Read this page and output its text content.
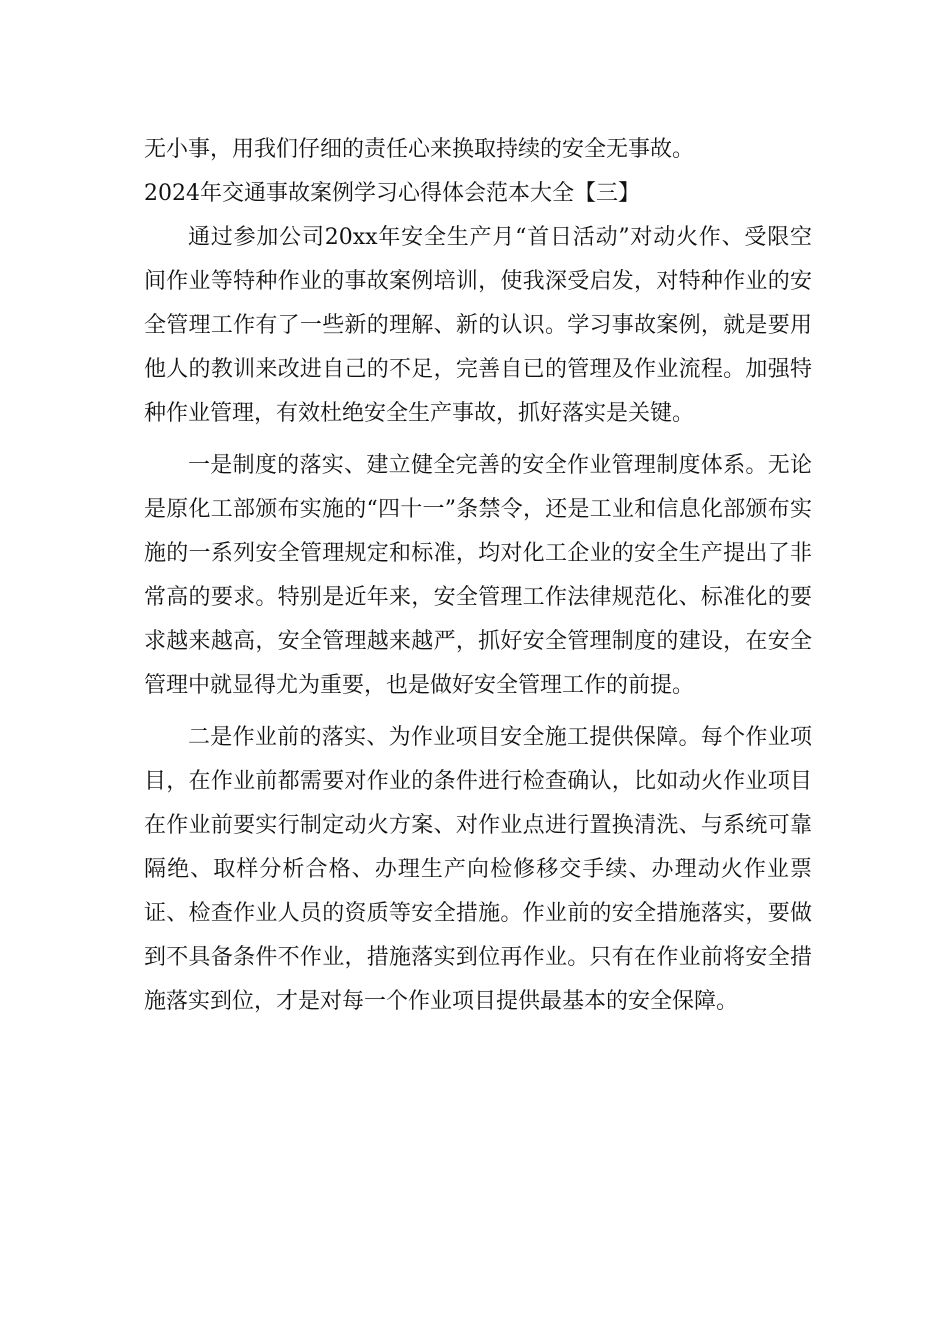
无小事，用我们仔细的责任心来换取持续的安全无事故。

2024年交通事故案例学习心得体会范本大全【三】

通过参加公司20xx年安全生产月“首日活动”对动火作、受限空间作业等特种作业的事故案例培训，使我深受启发，对特种作业的安全管理工作有了一些新的理解、新的认识。学习事故案例，就是要用他人的教训来改进自己的不足，完善自已的管理及作业流程。加强特种作业管理，有效杜绝安全生产事故，抓好落实是关键。

一是制度的落实、建立健全完善的安全作业管理制度体系。无论是原化工部颁布实施的“四十一”条禁令，还是工业和信息化部颁布实施的一系列安全管理规定和标准，均对化工企业的安全生产提出了非常高的要求。特别是近年来，安全管理工作法律规范化、标准化的要求越来越高，安全管理越来越严，抓好安全管理制度的建设，在安全管理中就显得尤为重要，也是做好安全管理工作的前提。

二是作业前的落实、为作业项目安全施工提供保障。每个作业项目，在作业前都需要对作业的条件进行检查确认，比如动火作业项目在作业前要实行制定动火方案、对作业点进行置换清洗、与系统可靠隔绝、取样分析合格、办理生产向检修移交手续、办理动火作业票证、检查作业人员的资质等安全措施。作业前的安全措施落实，要做到不具备条件不作业，措施落实到位再作业。只有在作业前将安全措施落实到位，才是对每一个作业项目提供最基本的安全保障。
